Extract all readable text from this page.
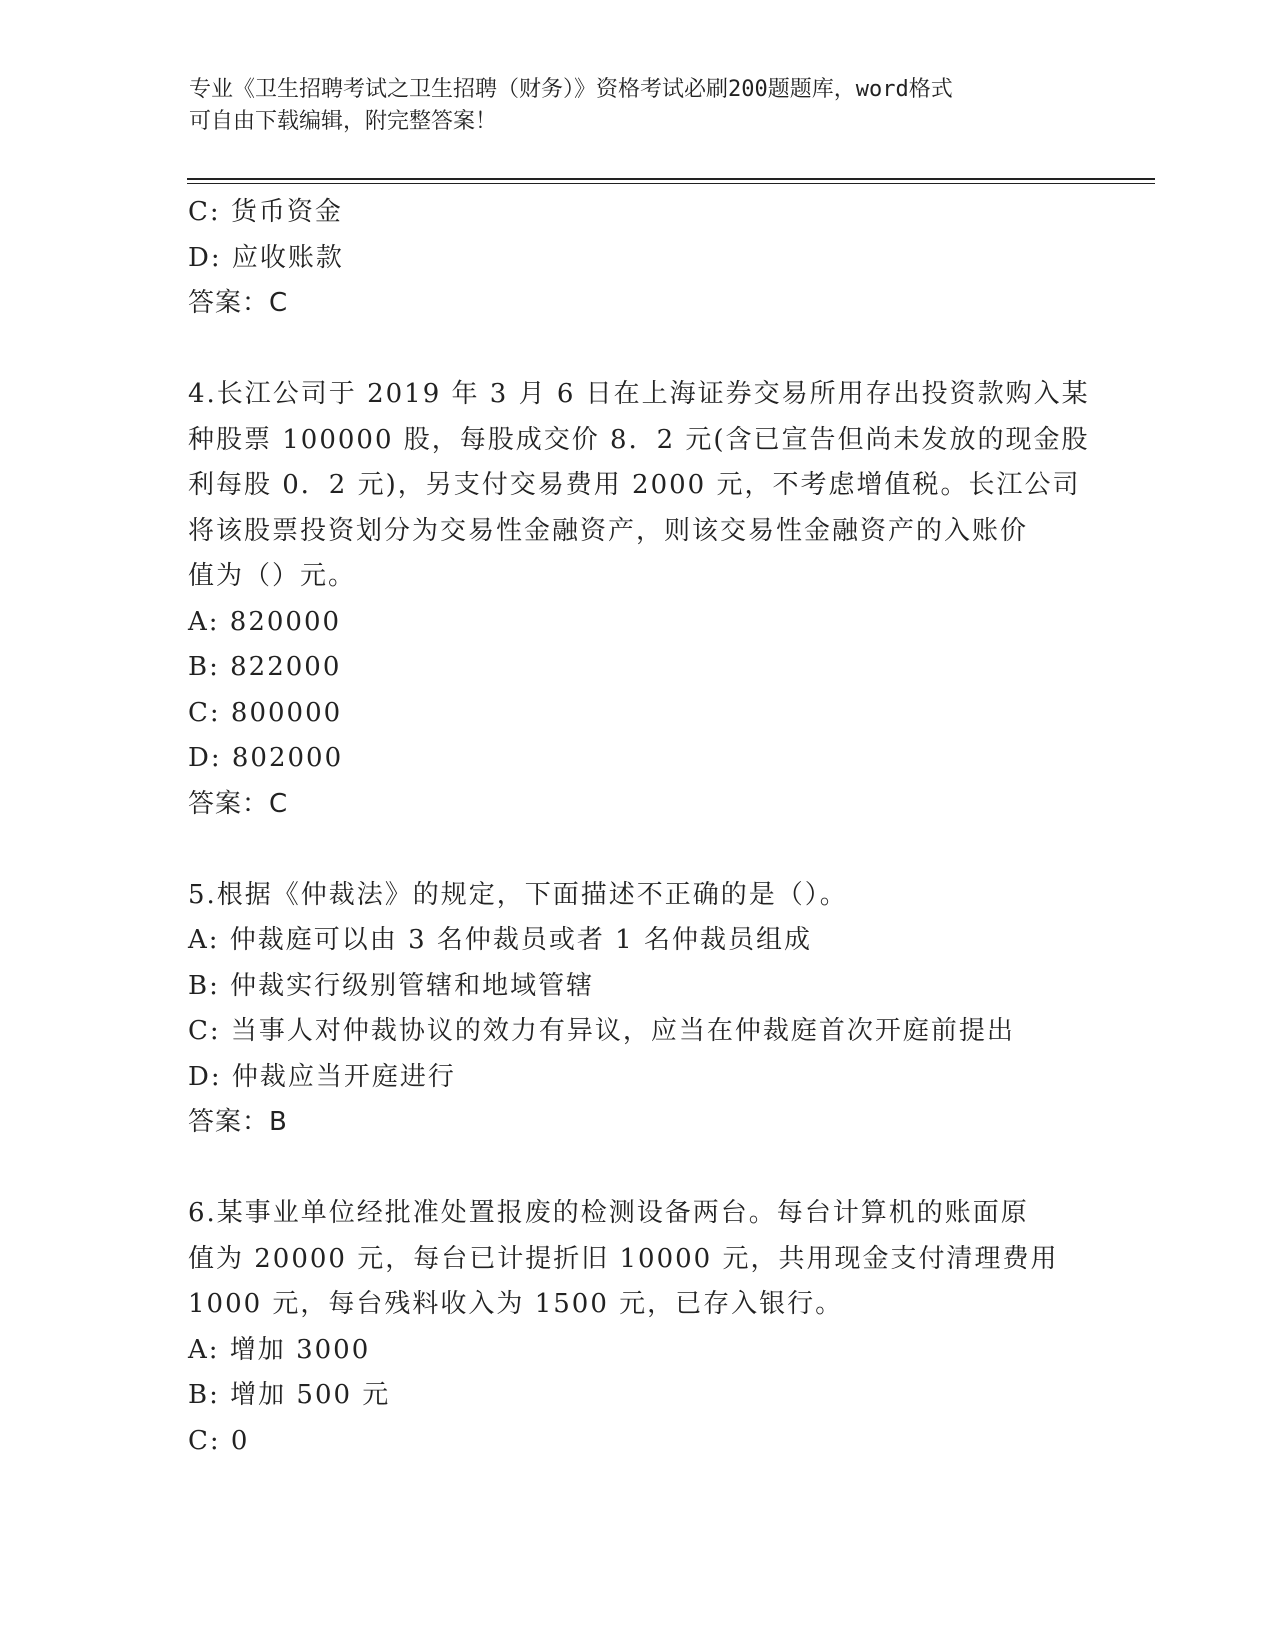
专业《卫生招聘考试之卫生招聘（财务）》资格考试必刷200题题库，word格式
可自由下载编辑，附完整答案！
C: 货币资金
D: 应收账款
答案：C
4.长江公司于 2019 年 3 月 6 日在上海证券交易所用存出投资款购入某
种股票 100000 股，每股成交价 8．2 元(含已宣告但尚未发放的现金股
利每股 0．2 元)，另支付交易费用 2000 元，不考虑增值税。长江公司
将该股票投资划分为交易性金融资产，则该交易性金融资产的入账价
值为（）元。
A: 820000
B: 822000
C: 800000
D: 802000
答案：C
5.根据《仲裁法》的规定，下面描述不正确的是（）。
A: 仲裁庭可以由 3 名仲裁员或者 1 名仲裁员组成
B: 仲裁实行级别管辖和地域管辖
C: 当事人对仲裁协议的效力有异议，应当在仲裁庭首次开庭前提出
D: 仲裁应当开庭进行
答案：B
6.某事业单位经批准处置报废的检测设备两台。每台计算机的账面原
值为 20000 元，每台已计提折旧 10000 元，共用现金支付清理费用
1000 元，每台残料收入为 1500 元，已存入银行。
A: 增加 3000
B: 增加 500 元
C: 0
